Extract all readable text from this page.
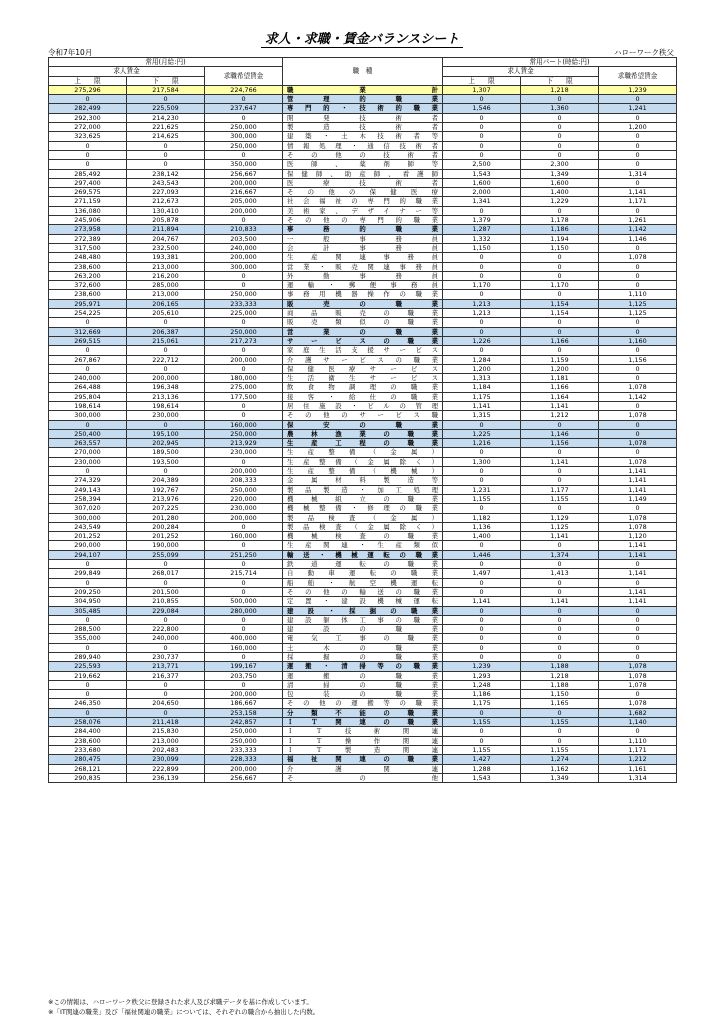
求人・求職・賃金バランスシート
令和7年10月	ハローワーク秩父
常用(月給:円)			職　種	常用パート(時給:円)		
求人賃金		求職希望賃金		求人賃金		求職希望賃金
上　　限	下　　限			上　　限	下　　限	
275,296	217,584	224,766	職業計	1,307	1,218	1,239
0	0	0	管理的職業	0	0	0
282,499	225,509	237,647	専門的・技術的職業	1,546	1,360	1,241
292,300	214,230	0	開発技術者	0	0	0
272,000	221,625	250,000	製造技術者	0	0	1,200
323,625	214,625	300,000	建築・土木技術者等	0	0	0
0	0	250,000	情報処理・通信技術者	0	0	0
0	0	0	その他の技術者	0	0	0
0	0	350,000	医師、薬剤師等	2,500	2,300	0
285,492	238,142	256,667	保健師、助産師、看護師	1,543	1,349	1,314
297,400	243,543	200,000	医療技術者	1,600	1,600	0
269,575	227,093	216,667	その他の保健医療	2,000	1,400	1,141
271,159	212,673	205,000	社会福祉の専門的職業	1,341	1,229	1,171
136,080	130,410	200,000	美術家、デザイナー等	0	0	0
245,906	205,878	0	その他の専門的職業	1,379	1,178	1,261
273,958	211,894	210,833	事務的職業	1,287	1,186	1,142
272,389	204,767	203,500	一般事務員	1,332	1,194	1,146
317,500	232,500	240,000	会計事務員	1,150	1,150	0
248,480	193,381	200,000	生産関連事務員	0	0	1,078
238,600	213,000	300,000	営業・販売関連事務員	0	0	0
263,200	216,200	0	外勤事務員	0	0	0
372,600	285,000	0	運輸・郵便事務員	1,170	1,170	0
238,600	213,000	250,000	事務用機器操作の職業	0	0	1,110
295,971	206,165	233,333	販売の職業	1,213	1,154	1,125
254,225	205,610	225,000	商品販売の職業	1,213	1,154	1,125
0	0	0	販売類似の職業	0	0	0
312,669	206,387	250,000	営業の職業	0	0	0
269,515	215,061	217,273	サービスの職業	1,226	1,166	1,160
0	0	0	家庭生活支援サービス	0	0	0
267,867	222,712	200,000	介護サービスの職業	1,284	1,159	1,156
0	0	0	保健医療サービス	1,200	1,200	0
240,000	200,000	180,000	生活衛生サービス	1,313	1,181	0
264,488	196,348	275,000	飲食物調理の職業	1,184	1,166	1,078
295,804	213,136	177,500	接客・給仕の職業	1,175	1,164	1,142
198,614	198,614	0	居住施設・ビルの管理	1,141	1,141	0
300,000	230,000	0	その他のサービス職	1,315	1,212	1,078
0	0	160,000	保安の職業	0	0	0
250,400	195,100	250,000	農林漁業の職業	1,225	1,146	0
263,557	202,945	213,929	生産工程の職業	1,216	1,156	1,078
270,000	189,500	230,000	生産整備（金属）	0	0	0
230,000	193,500	0	生産整備（金属除く）	1,300	1,141	1,078
0	0	200,000	生産整備（機械）	0	0	1,141
274,329	204,389	208,333	金属材料製造等	0	0	1,141
249,143	192,767	250,000	製品製造・加工処理	1,231	1,177	1,141
258,394	213,976	220,000	機械組立の職業	1,155	1,155	1,149
307,020	207,225	230,000	機械整備・修理の職業	0	0	0
300,000	201,280	200,000	製品検査（金属）	1,182	1,129	1,078
243,549	200,284	0	製品検査（金属除く）	1,136	1,125	1,078
201,252	201,252	160,000	機械検査の職業	1,400	1,141	1,120
290,000	190,000	0	生産関連・生産類似	0	0	1,141
294,107	255,099	251,250	輸送・機械運転の職業	1,446	1,374	1,141
0	0	0	鉄道運転の職業	0	0	0
299,849	268,017	215,714	自動車運転の職業	1,497	1,413	1,141
0	0	0	船舶・航空機運転	0	0	0
209,250	201,500	0	その他の輸送の職業	0	0	1,141
304,950	210,855	500,000	定置・建設機械運転	1,141	1,141	1,141
305,485	229,084	280,000	建設・採掘の職業	0	0	0
0	0	0	建設躯体工事の職業	0	0	0
288,500	222,800	0	建設の職業	0	0	0
355,000	240,000	400,000	電気工事の職業	0	0	0
0	0	160,000	土木の職業	0	0	0
289,940	230,737	0	採掘の職業	0	0	0
225,593	213,771	199,167	運搬・清掃等の職業	1,239	1,188	1,078
219,662	216,377	203,750	運搬の職業	1,293	1,218	1,078
0	0	0	清掃の職業	1,248	1,188	1,078
0	0	200,000	包装の職業	1,186	1,150	0
246,350	204,650	186,667	その他の運搬等の職業	1,175	1,165	1,078
0	0	253,158	分類不能の職業	0	0	1,682
258,076	211,418	242,857	ＩＴ関連の職業	1,155	1,155	1,140
284,400	215,830	250,000	ＩＴ技術関連	0	0	0
238,600	213,000	250,000	ＩＴ操作関連	0	0	1,110
233,680	202,483	233,333	ＩＴ製造関連	1,155	1,155	1,171
280,475	230,099	228,333	福祉関連の職業	1,427	1,274	1,212
268,121	222,899	200,000	介護関連	1,288	1,162	1,161
290,835	236,139	256,667	その他	1,543	1,349	1,314
※この情報は、ハローワーク秩父に登録された求人及び求職データを基に作成しています。
※「IT関連の職業」及び「福祉関連の職業」については、それぞれの職合から抽出した内数。
